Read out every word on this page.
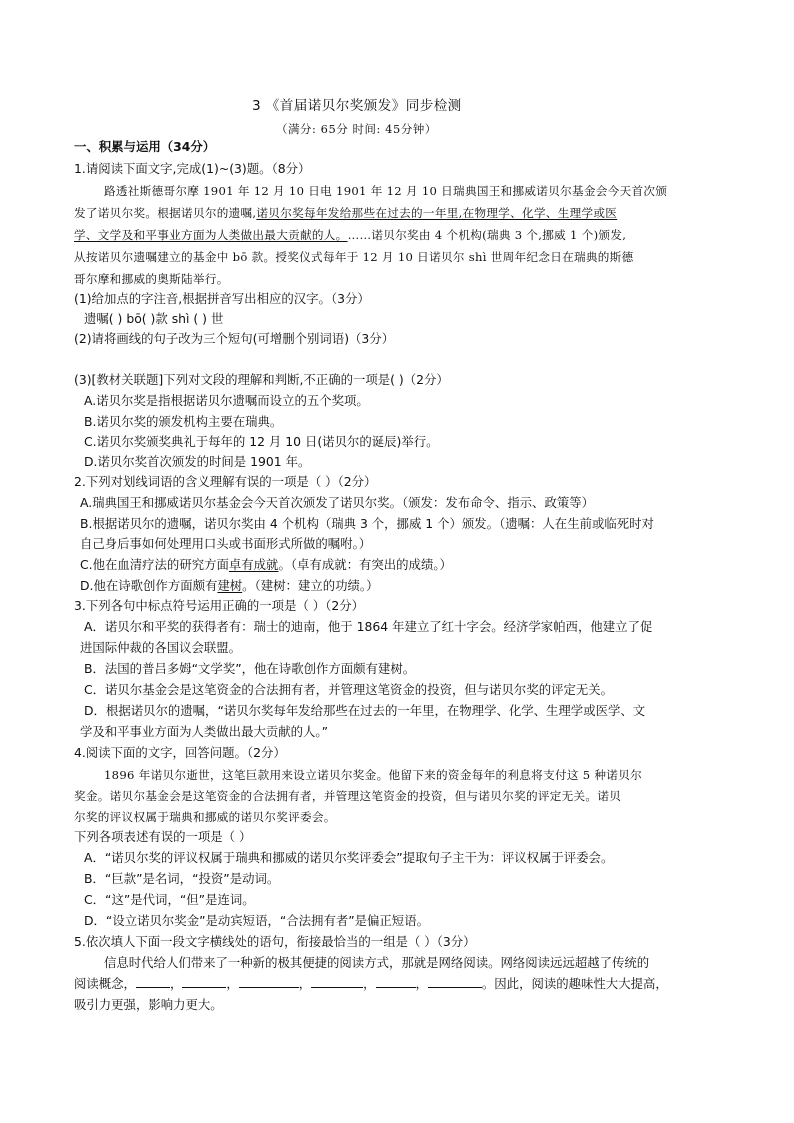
3 《首届诺贝尔奖颁发》同步检测
（满分: 65分 时间: 45分钟）
一、积累与运用（34分）
1.请阅读下面文字,完成(1)~(3)题。（8分）
路透社斯德哥尔摩 1901 年 12 月 10 日电 1901 年 12 月 10 日瑞典国王和挪威诺贝尔基金会今天首次颁
发了诺贝尔奖。根据诺贝尔的遗嘱,诺贝尔奖每年发给那些在过去的一年里,在物理学、化学、生理学或医
学、文学及和平事业方面为人类做出最大贡献的人。……诺贝尔奖由 4 个机构(瑞典 3 个,挪威 1 个)颁发,
从按诺贝尔遗嘱建立的基金中 bō 款。授奖仪式每年于 12 月 10 日诺贝尔 shì 世周年纪念日在瑞典的斯德
哥尔摩和挪威的奥斯陆举行。
(1)给加点的字注音,根据拼音写出相应的汉字。（3分）
遗嘱( ) bō( )款 shì ( ) 世
(2)请将画线的句子改为三个短句(可增删个别词语)（3分）
(3)[教材关联题]下列对文段的理解和判断,不正确的一项是( )（2分）
A.诺贝尔奖是指根据诺贝尔遗嘱而设立的五个奖项。
B.诺贝尔奖的颁发机构主要在瑞典。
C.诺贝尔奖颁奖典礼于每年的 12 月 10 日(诺贝尔的诞辰)举行。
D.诺贝尔奖首次颁发的时间是 1901 年。
2.下列对划线词语的含义理解有误的一项是（ ）（2分）
A.瑞典国王和挪威诺贝尔基金会今天首次颁发了诺贝尔奖。（颁发：发布命令、指示、政策等）
B.根据诺贝尔的遗嘱，诺贝尔奖由 4 个机构（瑞典 3 个，挪威 1 个）颁发。（遗嘱：人在生前或临死时对
自己身后事如何处理用口头或书面形式所做的嘱咐。）
C.他在血清疗法的研究方面卓有成就。（卓有成就：有突出的成绩。）
D.他在诗歌创作方面颇有建树。（建树：建立的功绩。）
3.下列各句中标点符号运用正确的一项是（ ）（2分）
A．诺贝尔和平奖的获得者有：瑞士的迪南，他于 1864 年建立了红十字会。经济学家帕西，他建立了促
进国际仲裁的各国议会联盟。
B．法国的普吕多姆“文学奖”，他在诗歌创作方面颇有建树。
C．诺贝尔基金会是这笔资金的合法拥有者，并管理这笔资金的投资，但与诺贝尔奖的评定无关。
D．根据诺贝尔的遗嘱，“诺贝尔奖每年发给那些在过去的一年里，在物理学、化学、生理学或医学、文
学及和平事业方面为人类做出最大贡献的人。”
4.阅读下面的文字，回答问题。（2分）
1896 年诺贝尔逝世，这笔巨款用来设立诺贝尔奖金。他留下来的资金每年的利息将支付这 5 种诺贝尔
奖金。诺贝尔基金会是这笔资金的合法拥有者，并管理这笔资金的投资，但与诺贝尔奖的评定无关。诺贝
尔奖的评议权属于瑞典和挪威的诺贝尔奖评委会。
下列各项表述有误的一项是（ ）
A．“诺贝尔奖的评议权属于瑞典和挪威的诺贝尔奖评委会”提取句子主干为：评议权属于评委会。
B．“巨款”是名词，“投资”是动词。
C．“这”是代词，“但”是连词。
D．“设立诺贝尔奖金”是动宾短语，“合法拥有者”是偏正短语。
5.依次填人下面一段文字横线处的语句，衔接最恰当的一组是（ ）（3分）
信息时代给人们带来了一种新的极其便捷的阅读方式，那就是网络阅读。网络阅读远远超越了传统的
阅读概念，	，	，	，	，	，	。因此，阅读的趣味性大大提高，
吸引力更强，影响力更大。
